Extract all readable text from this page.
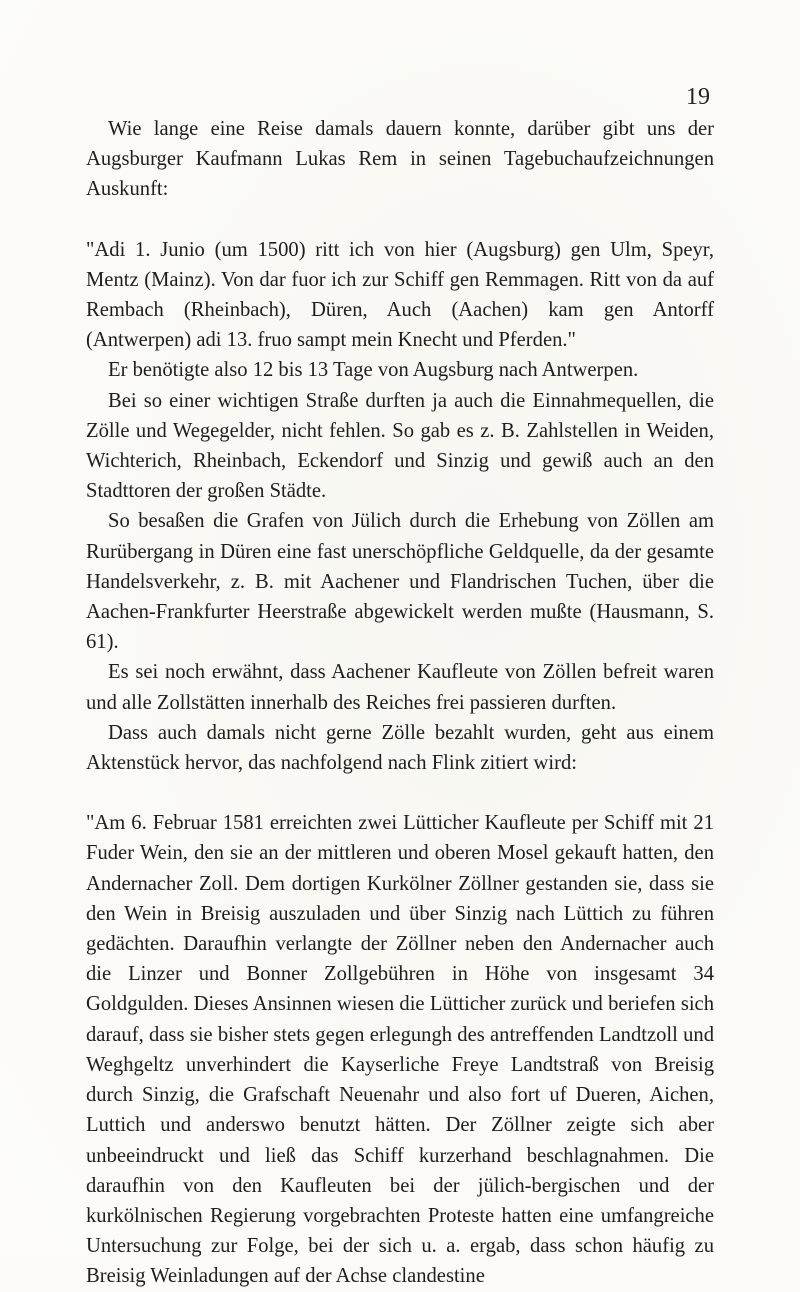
19

Wie lange eine Reise damals dauern konnte, darüber gibt uns der Augsburger Kaufmann Lukas Rem in seinen Tagebuchaufzeichnungen Auskunft:

"Adi 1. Junio (um 1500) ritt ich von hier (Augsburg) gen Ulm, Speyr, Mentz (Mainz). Von dar fuor ich zur Schiff gen Remmagen. Ritt von da auf Rembach (Rheinbach), Düren, Auch (Aachen) kam gen Antorff (Antwerpen) adi 13. fruo sampt mein Knecht und Pferden."

Er benötigte also 12 bis 13 Tage von Augsburg nach Antwerpen.

Bei so einer wichtigen Straße durften ja auch die Einnahmequellen, die Zölle und Wegegelder, nicht fehlen. So gab es z. B. Zahlstellen in Weiden, Wichterich, Rheinbach, Eckendorf und Sinzig und gewiß auch an den Stadttoren der großen Städte.

So besaßen die Grafen von Jülich durch die Erhebung von Zöllen am Rurübergang in Düren eine fast unerschöpfliche Geldquelle, da der gesamte Handelsverkehr, z. B. mit Aachener und Flandrischen Tuchen, über die Aachen-Frankfurter Heerstraße abgewickelt werden mußte (Hausmann, S. 61).

Es sei noch erwähnt, dass Aachener Kaufleute von Zöllen befreit waren und alle Zollstätten innerhalb des Reiches frei passieren durften.

Dass auch damals nicht gerne Zölle bezahlt wurden, geht aus einem Aktenstück hervor, das nachfolgend nach Flink zitiert wird:

"Am 6. Februar 1581 erreichten zwei Lütticher Kaufleute per Schiff mit 21 Fuder Wein, den sie an der mittleren und oberen Mosel gekauft hatten, den Andernacher Zoll. Dem dortigen Kurkölner Zöllner gestanden sie, dass sie den Wein in Breisig auszuladen und über Sinzig nach Lüttich zu führen gedächten. Daraufhin verlangte der Zöllner neben den Andernacher auch die Linzer und Bonner Zollgebühren in Höhe von insgesamt 34 Goldgulden. Dieses Ansinnen wiesen die Lütticher zurück und beriefen sich darauf, dass sie bisher stets gegen erlegungh des antreffenden Landtzoll und Weghgeltz unverhindert die Kayserliche Freye Landtstraß von Breisig durch Sinzig, die Grafschaft Neuenahr und also fort uf Dueren, Aichen, Luttich und anderswo benutzt hätten. Der Zöllner zeigte sich aber unbeeindruckt und ließ das Schiff kurzerhand beschlagnahmen. Die daraufhin von den Kaufleuten bei der jülich-bergischen und der kurkölnischen Regierung vorgebrachten Proteste hatten eine umfangreiche Untersuchung zur Folge, bei der sich u. a. ergab, dass schon häufig zu Breisig Weinladungen auf der Achse clandestine
